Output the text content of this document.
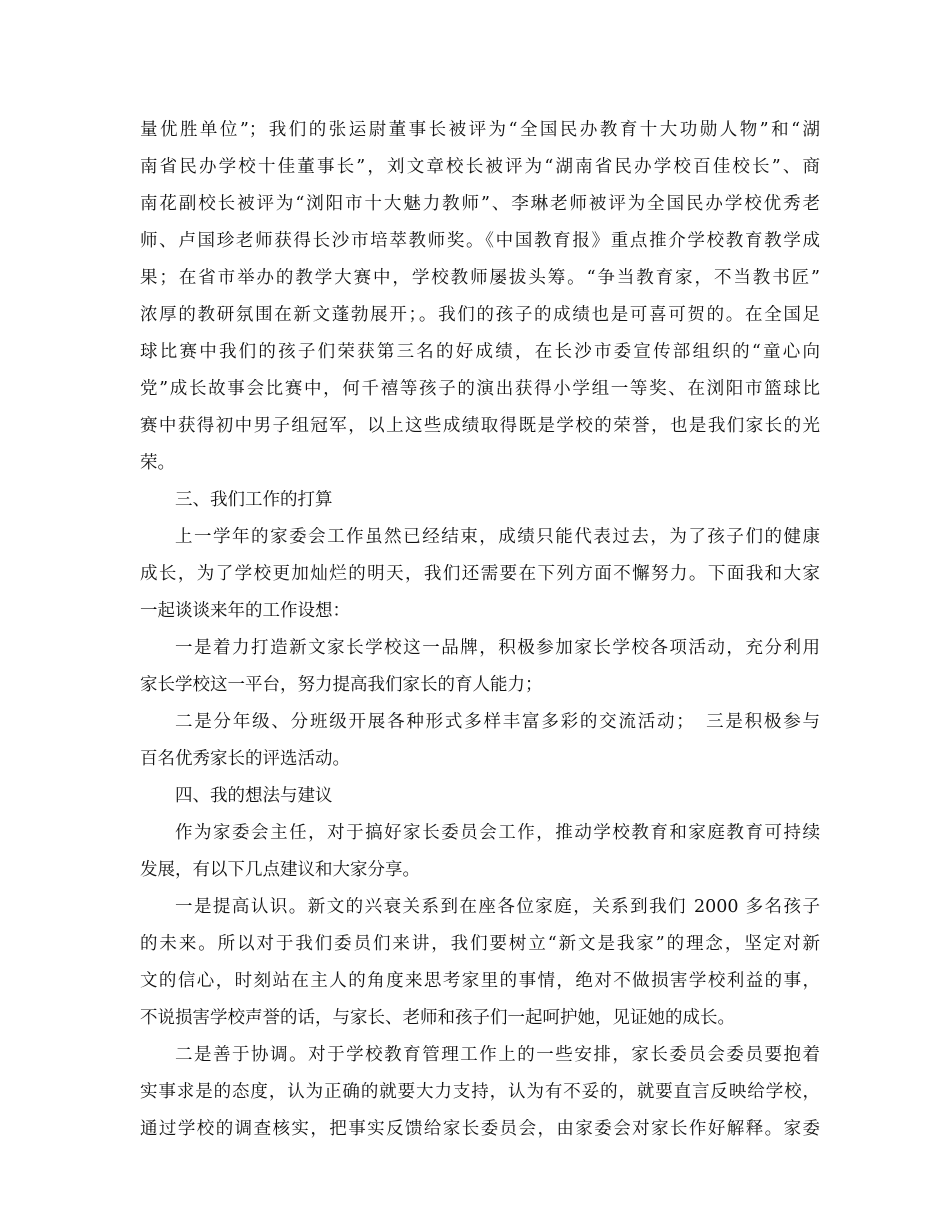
量优胜单位”；我们的张运尉董事长被评为“全国民办教育十大功勋人物”和“湖
南省民办学校十佳董事长”，刘文章校长被评为“湖南省民办学校百佳校长”、商
南花副校长被评为“浏阳市十大魅力教师”、李琳老师被评为全国民办学校优秀老
师、卢国珍老师获得长沙市培萃教师奖。《中国教育报》重点推介学校教育教学成
果；在省市举办的教学大赛中，学校教师屡拔头筹。“争当教育家，不当教书匠”
浓厚的教研氛围在新文蓬勃展开；。我们的孩子的成绩也是可喜可贺的。在全国足
球比赛中我们的孩子们荣获第三名的好成绩，在长沙市委宣传部组织的“童心向
党”成长故事会比赛中，何千禧等孩子的演出获得小学组一等奖、在浏阳市篮球比
赛中获得初中男子组冠军，以上这些成绩取得既是学校的荣誉，也是我们家长的光
荣。
三、我们工作的打算
上一学年的家委会工作虽然已经结束，成绩只能代表过去，为了孩子们的健康
成长，为了学校更加灿烂的明天，我们还需要在下列方面不懈努力。下面我和大家
一起谈谈来年的工作设想：
一是着力打造新文家长学校这一品牌，积极参加家长学校各项活动，充分利用
家长学校这一平台，努力提高我们家长的育人能力；
二是分年级、分班级开展各种形式多样丰富多彩的交流活动；　三是积极参与
百名优秀家长的评选活动。
四、我的想法与建议
作为家委会主任，对于搞好家长委员会工作，推动学校教育和家庭教育可持续
发展，有以下几点建议和大家分享。
一是提高认识。新文的兴衰关系到在座各位家庭，关系到我们 2000 多名孩子
的未来。所以对于我们委员们来讲，我们要树立“新文是我家”的理念，坚定对新
文的信心，时刻站在主人的角度来思考家里的事情，绝对不做损害学校利益的事，
不说损害学校声誉的话，与家长、老师和孩子们一起呵护她，见证她的成长。
二是善于协调。对于学校教育管理工作上的一些安排，家长委员会委员要抱着
实事求是的态度，认为正确的就要大力支持，认为有不妥的，就要直言反映给学校，
通过学校的调查核实，把事实反馈给家长委员会，由家委会对家长作好解释。家委
